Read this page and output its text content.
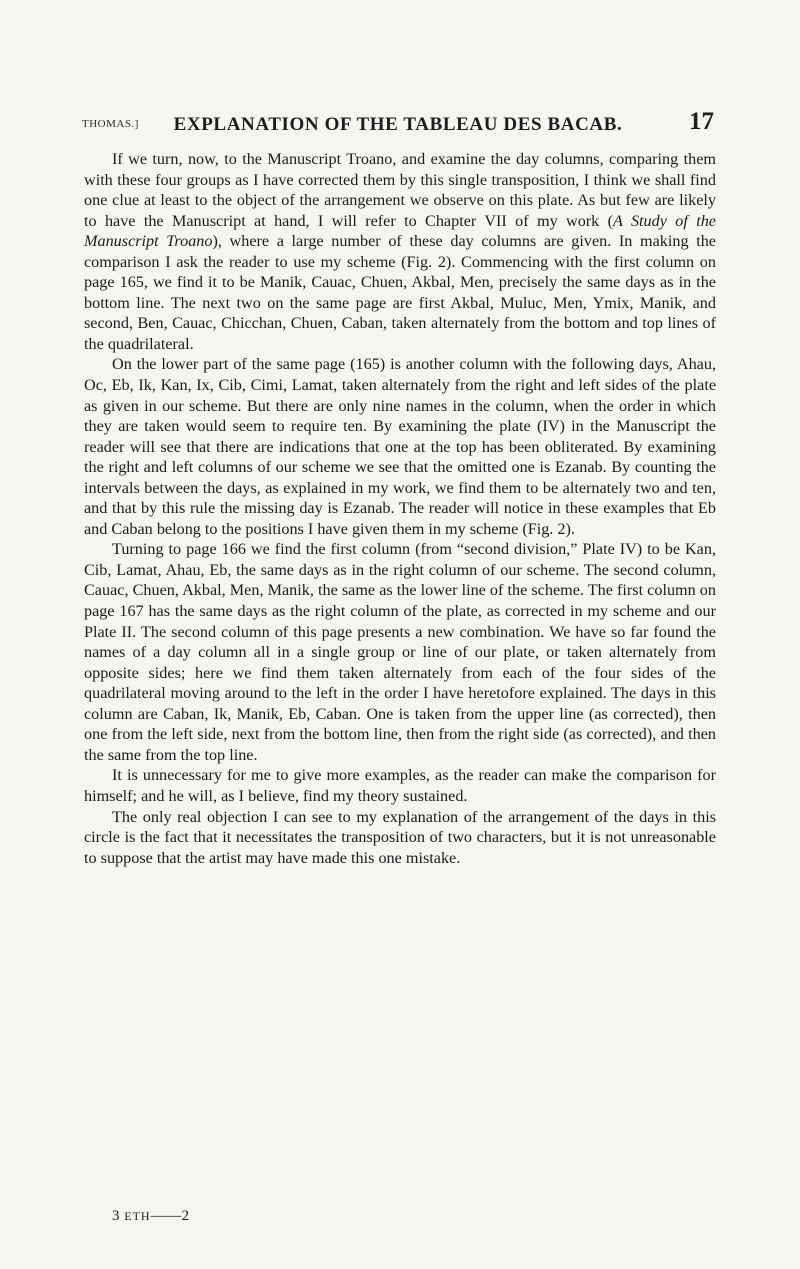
THOMAS.]	EXPLANATION OF THE TABLEAU DES BACAB.	17

If we turn, now, to the Manuscript Troano, and examine the day columns, comparing them with these four groups as I have corrected them by this single transposition, I think we shall find one clue at least to the object of the arrangement we observe on this plate. As but few are likely to have the Manuscript at hand, I will refer to Chapter VII of my work (A Study of the Manuscript Troano), where a large number of these day columns are given. In making the comparison I ask the reader to use my scheme (Fig. 2). Commencing with the first column on page 165, we find it to be Manik, Cauac, Chuen, Akbal, Men, precisely the same days as in the bottom line. The next two on the same page are first Akbal, Muluc, Men, Ymix, Manik, and second, Ben, Cauac, Chicchan, Chuen, Caban, taken alternately from the bottom and top lines of the quadrilateral.

On the lower part of the same page (165) is another column with the following days, Ahau, Oc, Eb, Ik, Kan, Ix, Cib, Cimi, Lamat, taken alternately from the right and left sides of the plate as given in our scheme. But there are only nine names in the column, when the order in which they are taken would seem to require ten. By examining the plate (IV) in the Manuscript the reader will see that there are indications that one at the top has been obliterated. By examining the right and left columns of our scheme we see that the omitted one is Ezanab. By counting the intervals between the days, as explained in my work, we find them to be alternately two and ten, and that by this rule the missing day is Ezanab. The reader will notice in these examples that Eb and Caban belong to the positions I have given them in my scheme (Fig. 2).

Turning to page 166 we find the first column (from “second division,” Plate IV) to be Kan, Cib, Lamat, Ahau, Eb, the same days as in the right column of our scheme. The second column, Cauac, Chuen, Akbal, Men, Manik, the same as the lower line of the scheme. The first column on page 167 has the same days as the right column of the plate, as corrected in my scheme and our Plate II. The second column of this page presents a new combination. We have so far found the names of a day column all in a single group or line of our plate, or taken alternately from opposite sides; here we find them taken alternately from each of the four sides of the quadrilateral moving around to the left in the order I have heretofore explained. The days in this column are Caban, Ik, Manik, Eb, Caban. One is taken from the upper line (as corrected), then one from the left side, next from the bottom line, then from the right side (as corrected), and then the same from the top line.

It is unnecessary for me to give more examples, as the reader can make the comparison for himself; and he will, as I believe, find my theory sustained.

The only real objection I can see to my explanation of the arrangement of the days in this circle is the fact that it necessitates the transposition of two characters, but it is not unreasonable to suppose that the artist may have made this one mistake.

3 ETH——2
